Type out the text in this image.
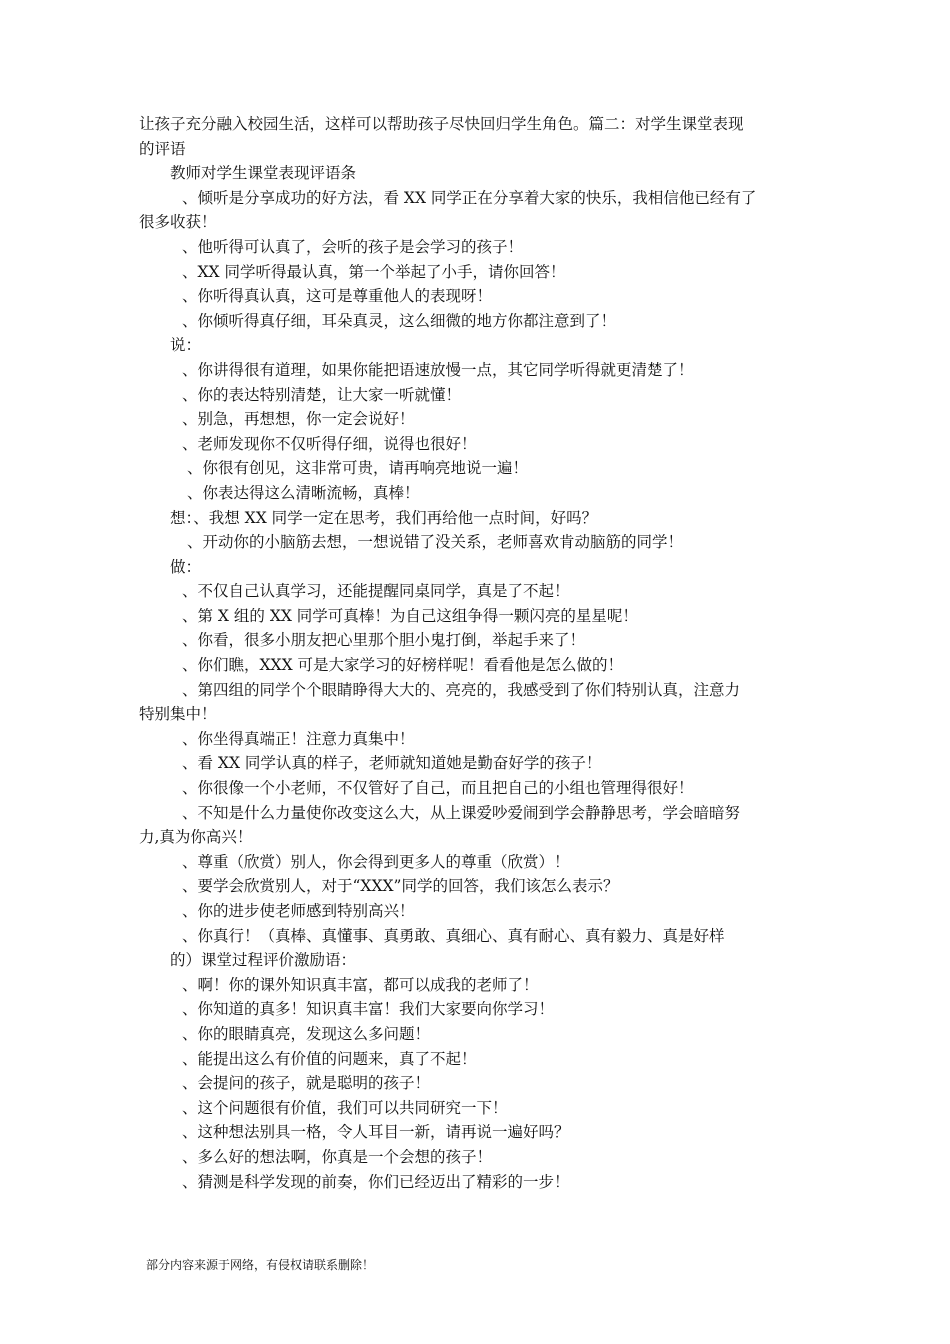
让孩子充分融入校园生活，这样可以帮助孩子尽快回归学生角色。篇二：对学生课堂表现
的评语
教师对学生课堂表现评语条
、倾听是分享成功的好方法，看 XX 同学正在分享着大家的快乐，我相信他已经有了
很多收获！
、他听得可认真了，会听的孩子是会学习的孩子！
、XX 同学听得最认真，第一个举起了小手，请你回答！
、你听得真认真，这可是尊重他人的表现呀！
、你倾听得真仔细，耳朵真灵，这么细微的地方你都注意到了！
说：
、你讲得很有道理，如果你能把语速放慢一点，其它同学听得就更清楚了！
、你的表达特别清楚，让大家一听就懂！
、别急，再想想，你一定会说好！
、老师发现你不仅听得仔细，说得也很好！
、你很有创见，这非常可贵，请再响亮地说一遍！
、你表达得这么清晰流畅，真棒！
想：、我想 XX 同学一定在思考，我们再给他一点时间，好吗？
、开动你的小脑筋去想，一想说错了没关系，老师喜欢肯动脑筋的同学！
做：
、不仅自己认真学习，还能提醒同桌同学，真是了不起！
、第 X 组的 XX 同学可真棒！为自己这组争得一颗闪亮的星星呢！
、你看，很多小朋友把心里那个胆小鬼打倒，举起手来了！
、你们瞧，XXX 可是大家学习的好榜样呢！看看他是怎么做的！
、第四组的同学个个眼睛睁得大大的、亮亮的，我感受到了你们特别认真，注意力
特别集中！
、你坐得真端正！注意力真集中！
、看 XX 同学认真的样子，老师就知道她是勤奋好学的孩子！
、你很像一个小老师，不仅管好了自己，而且把自己的小组也管理得很好！
、不知是什么力量使你改变这么大，从上课爱吵爱闹到学会静静思考，学会暗暗努
力,真为你高兴！
、尊重（欣赏）别人，你会得到更多人的尊重（欣赏）！
、要学会欣赏别人，对于“XXX”同学的回答，我们该怎么表示？
、你的进步使老师感到特别高兴！
、你真行！（真棒、真懂事、真勇敢、真细心、真有耐心、真有毅力、真是好样
的）课堂过程评价激励语：
、啊！你的课外知识真丰富，都可以成我的老师了！
、你知道的真多！知识真丰富！我们大家要向你学习！
、你的眼睛真亮，发现这么多问题！
、能提出这么有价值的问题来，真了不起！
、会提问的孩子，就是聪明的孩子！
、这个问题很有价值，我们可以共同研究一下！
、这种想法别具一格，令人耳目一新，请再说一遍好吗？
、多么好的想法啊，你真是一个会想的孩子！
、猜测是科学发现的前奏，你们已经迈出了精彩的一步！
部分内容来源于网络，有侵权请联系删除！
